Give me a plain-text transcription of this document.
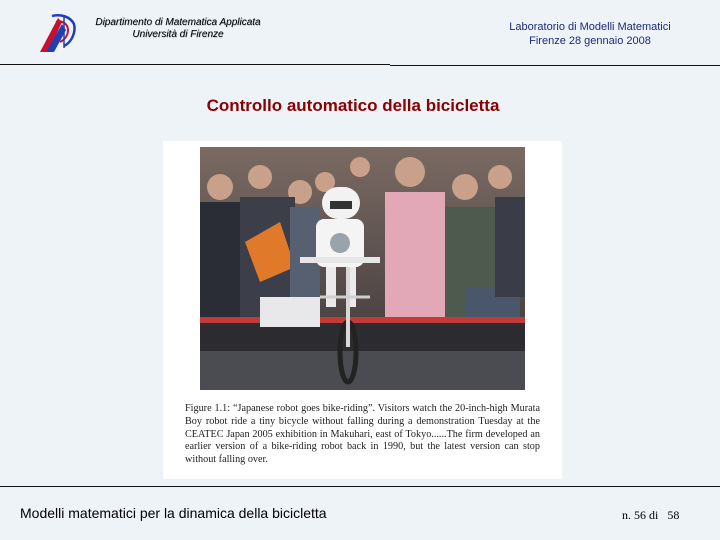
Dipartimento di Matematica Applicata
Università di Firenze
Laboratorio di Modelli Matematici
Firenze 28 gennaio 2008
Controllo automatico della bicicletta

Figure 1.1: “Japanese robot goes bike-riding”. Visitors watch the 20-inch-high Murata Boy robot ride a tiny bicycle without falling during a demonstration Tuesday at the CEATEC Japan 2005 exhibition in Makuhari, east of Tokyo......The firm developed an earlier version of a bike-riding robot back in 1990, but the latest version can stop without falling over.

Modelli matematici per la dinamica della bicicletta	n. 56 di 58
